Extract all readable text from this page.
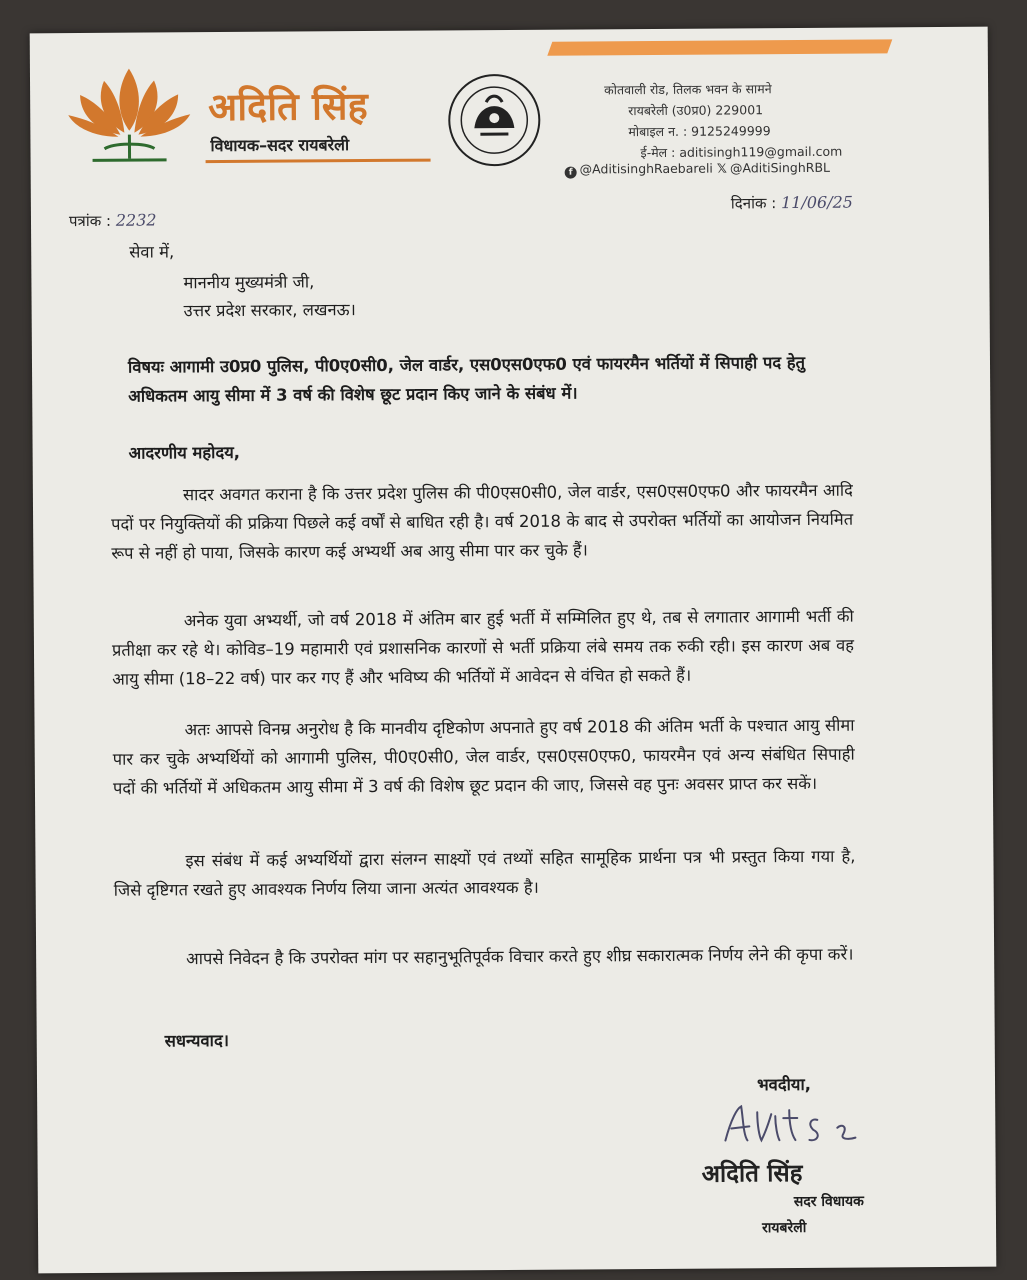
अदिति सिंह
विधायक–सदर रायबरेली
कोतवाली रोड, तिलक भवन के सामने
रायबरेली (उ0प्र0) 229001
मोबाइल न. : 9125249999
ई-मेल : aditisingh119@gmail.com
f @AditisinghRaebareli 𝕏 @AditiSinghRBL
पत्रांक : 2232
दिनांक : 11/06/25
सेवा में,
माननीय मुख्यमंत्री जी,
उत्तर प्रदेश सरकार, लखनऊ।
विषयः आगामी उ0प्र0 पुलिस, पी0ए0सी0, जेल वार्डर, एस0एस0एफ0 एवं फायरमैन भर्तियों में सिपाही पद हेतु अधिकतम आयु सीमा में 3 वर्ष की विशेष छूट प्रदान किए जाने के संबंध में।
आदरणीय महोदय,
सादर अवगत कराना है कि उत्तर प्रदेश पुलिस की पी0एस0सी0, जेल वार्डर, एस0एस0एफ0 और फायरमैन आदि पदों पर नियुक्तियों की प्रक्रिया पिछले कई वर्षों से बाधित रही है। वर्ष 2018 के बाद से उपरोक्त भर्तियों का आयोजन नियमित रूप से नहीं हो पाया, जिसके कारण कई अभ्यर्थी अब आयु सीमा पार कर चुके हैं।
अनेक युवा अभ्यर्थी, जो वर्ष 2018 में अंतिम बार हुई भर्ती में सम्मिलित हुए थे, तब से लगातार आगामी भर्ती की प्रतीक्षा कर रहे थे। कोविड–19 महामारी एवं प्रशासनिक कारणों से भर्ती प्रक्रिया लंबे समय तक रुकी रही। इस कारण अब वह आयु सीमा (18–22 वर्ष) पार कर गए हैं और भविष्य की भर्तियों में आवेदन से वंचित हो सकते हैं।
अतः आपसे विनम्र अनुरोध है कि मानवीय दृष्टिकोण अपनाते हुए वर्ष 2018 की अंतिम भर्ती के पश्चात आयु सीमा पार कर चुके अभ्यर्थियों को आगामी पुलिस, पी0ए0सी0, जेल वार्डर, एस0एस0एफ0, फायरमैन एवं अन्य संबंधित सिपाही पदों की भर्तियों में अधिकतम आयु सीमा में 3 वर्ष की विशेष छूट प्रदान की जाए, जिससे वह पुनः अवसर प्राप्त कर सकें।
इस संबंध में कई अभ्यर्थियों द्वारा संलग्न साक्ष्यों एवं तथ्यों सहित सामूहिक प्रार्थना पत्र भी प्रस्तुत किया गया है, जिसे दृष्टिगत रखते हुए आवश्यक निर्णय लिया जाना अत्यंत आवश्यक है।
आपसे निवेदन है कि उपरोक्त मांग पर सहानुभूतिपूर्वक विचार करते हुए शीघ्र सकारात्मक निर्णय लेने की कृपा करें।
सधन्यवाद।
भवदीया,
अदिति सिंह
सदर विधायक
रायबरेली
